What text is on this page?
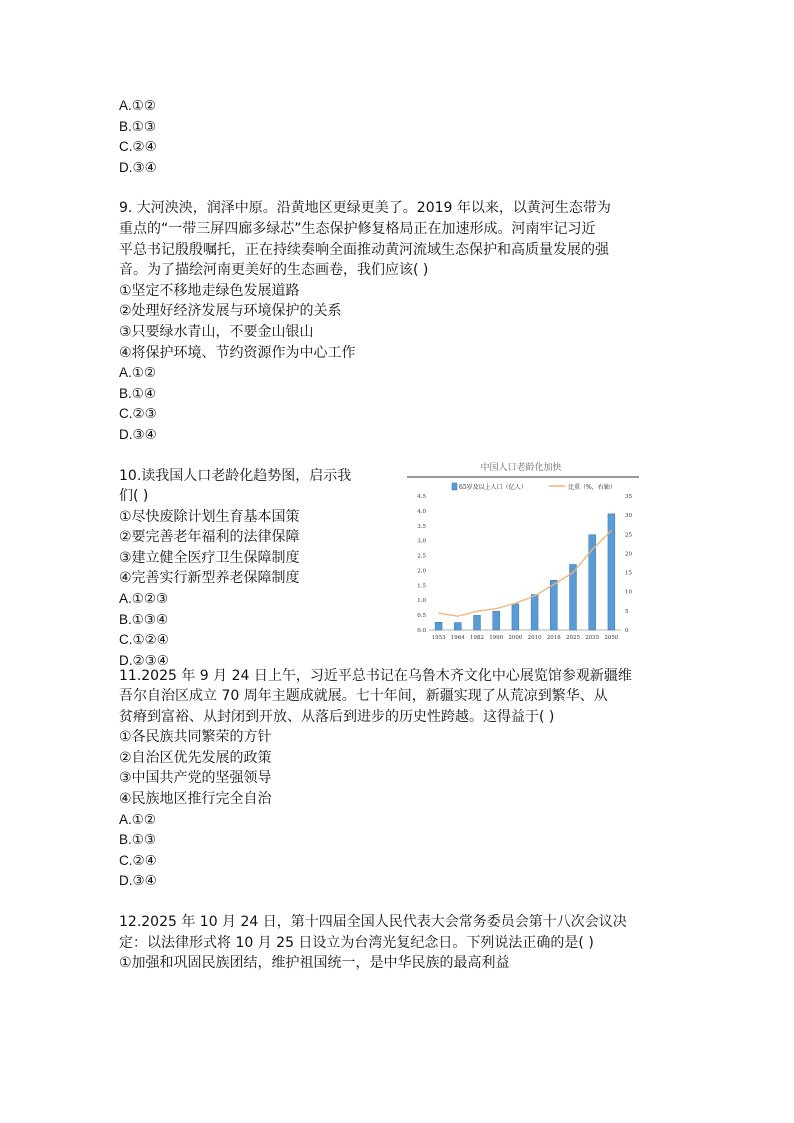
A.①②
B.①③
C.②④
D.③④
9. 大河泱泱，润泽中原。沿黄地区更绿更美了。2019 年以来，以黄河生态带为
重点的“一带三屏四廊多绿芯”生态保护修复格局正在加速形成。河南牢记习近
平总书记殷殷嘱托，正在持续奏响全面推动黄河流域生态保护和高质量发展的强
音。为了描绘河南更美好的生态画卷，我们应该( )
①坚定不移地走绿色发展道路
②处理好经济发展与环境保护的关系
③只要绿水青山，不要金山银山
④将保护环境、节约资源作为中心工作
A.①②
B.①④
C.②③
D.③④
10.读我国人口老龄化趋势图，启示我
们( )
①尽快废除计划生育基本国策
②要完善老年福利的法律保障
③建立健全医疗卫生保障制度
④完善实行新型养老保障制度
A.①②③
B.①③④
C.①②④
D.②③④
中国人口老龄化加快
65岁及以上人口（亿人）	比重（%，右轴）
0.0
0.5
1.0
1.5
2.0
2.5
3.0
3.5
4.0
4.5
0
5
10
15
20
25
30
35
1953 1964 1982 1990 2000 2010 2018 2025 2035 2050
11.2025 年 9 月 24 日上午，习近平总书记在乌鲁木齐文化中心展览馆参观新疆维
吾尔自治区成立 70 周年主题成就展。七十年间，新疆实现了从荒凉到繁华、从
贫瘠到富裕、从封闭到开放、从落后到进步的历史性跨越。这得益于( )
①各民族共同繁荣的方针
②自治区优先发展的政策
③中国共产党的坚强领导
④民族地区推行完全自治
A.①②
B.①③
C.②④
D.③④
12.2025 年 10 月 24 日，第十四届全国人民代表大会常务委员会第十八次会议决
定：以法律形式将 10 月 25 日设立为台湾光复纪念日。下列说法正确的是( )
①加强和巩固民族团结，维护祖国统一，是中华民族的最高利益
